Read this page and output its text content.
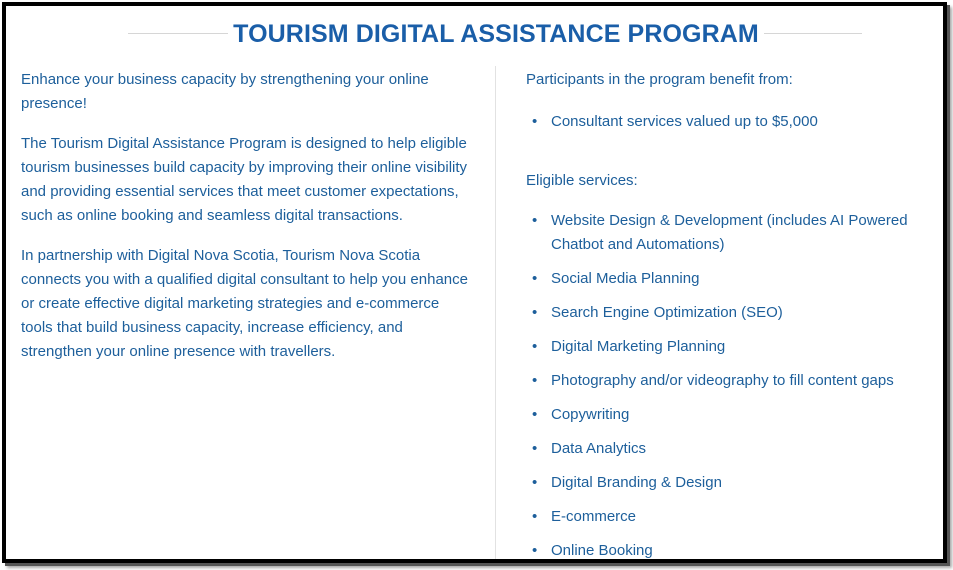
TOURISM DIGITAL ASSISTANCE PROGRAM

Enhance your business capacity by strengthening your online presence!

The Tourism Digital Assistance Program is designed to help eligible tourism businesses build capacity by improving their online visibility and providing essential services that meet customer expectations, such as online booking and seamless digital transactions.

In partnership with Digital Nova Scotia, Tourism Nova Scotia connects you with a qualified digital consultant to help you enhance or create effective digital marketing strategies and e-commerce tools that build business capacity, increase efficiency, and strengthen your online presence with travellers.

Participants in the program benefit from:

• Consultant services valued up to $5,000

Eligible services:

• Website Design & Development (includes AI Powered Chatbot and Automations)
• Social Media Planning
• Search Engine Optimization (SEO)
• Digital Marketing Planning
• Photography and/or videography to fill content gaps
• Copywriting
• Data Analytics
• Digital Branding & Design
• E-commerce
• Online Booking
